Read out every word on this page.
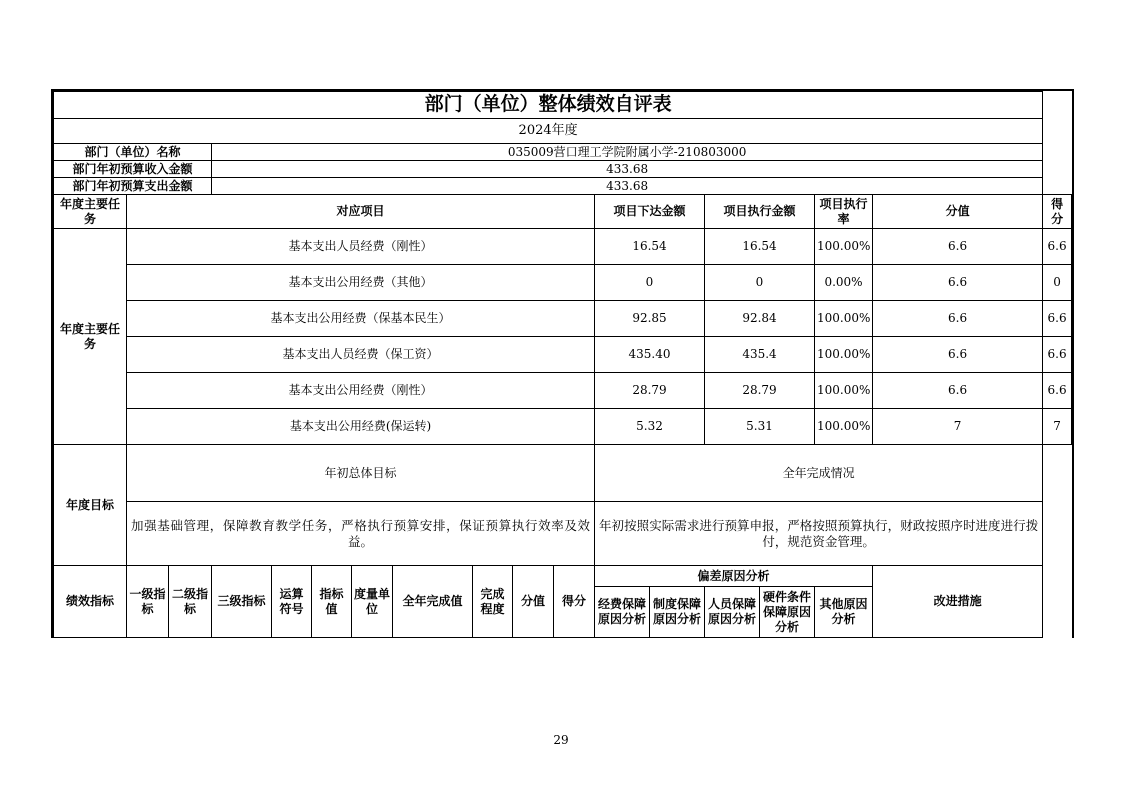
部门（单位）整体绩效自评表																	
2024年度																	
部门（单位）名称			035009营口理工学院附属小学-210803000														
部门年初预算收入金额			433.68														
部门年初预算支出金额			433.68														
年度主要任务	对应项目										项目下达金额		项目执行金额		项目执行率	分值	得分
年度主要任务	基本支出人员经费（刚性）										16.54		16.54		100.00%	6.6	6.6
	基本支出公用经费（其他）										0		0		0.00%	6.6	0
	基本支出公用经费（保基本民生）										92.85		92.84		100.00%	6.6	6.6
	基本支出人员经费（保工资）										435.40		435.4		100.00%	6.6	6.6
	基本支出公用经费（刚性）										28.79		28.79		100.00%	6.6	6.6
	基本支出公用经费(保运转)										5.32		5.31		100.00%	7	7
年度目标	年初总体目标										全年完成情况						
	加强基础管理，保障教育教学任务，严格执行预算安排，保证预算执行效率及效益。										年初按照实际需求进行预算申报，严格按照预算执行，财政按照序时进度进行拨付，规范资金管理。						
绩效指标	一级指标	二级指标	三级指标	运算符号	指标值	度量单位	全年完成值	完成程度	分值	得分	偏差原因分析					改进措施	
											经费保障原因分析	制度保障原因分析	人员保障原因分析	硬件条件保障原因分析	其他原因分析		
29
